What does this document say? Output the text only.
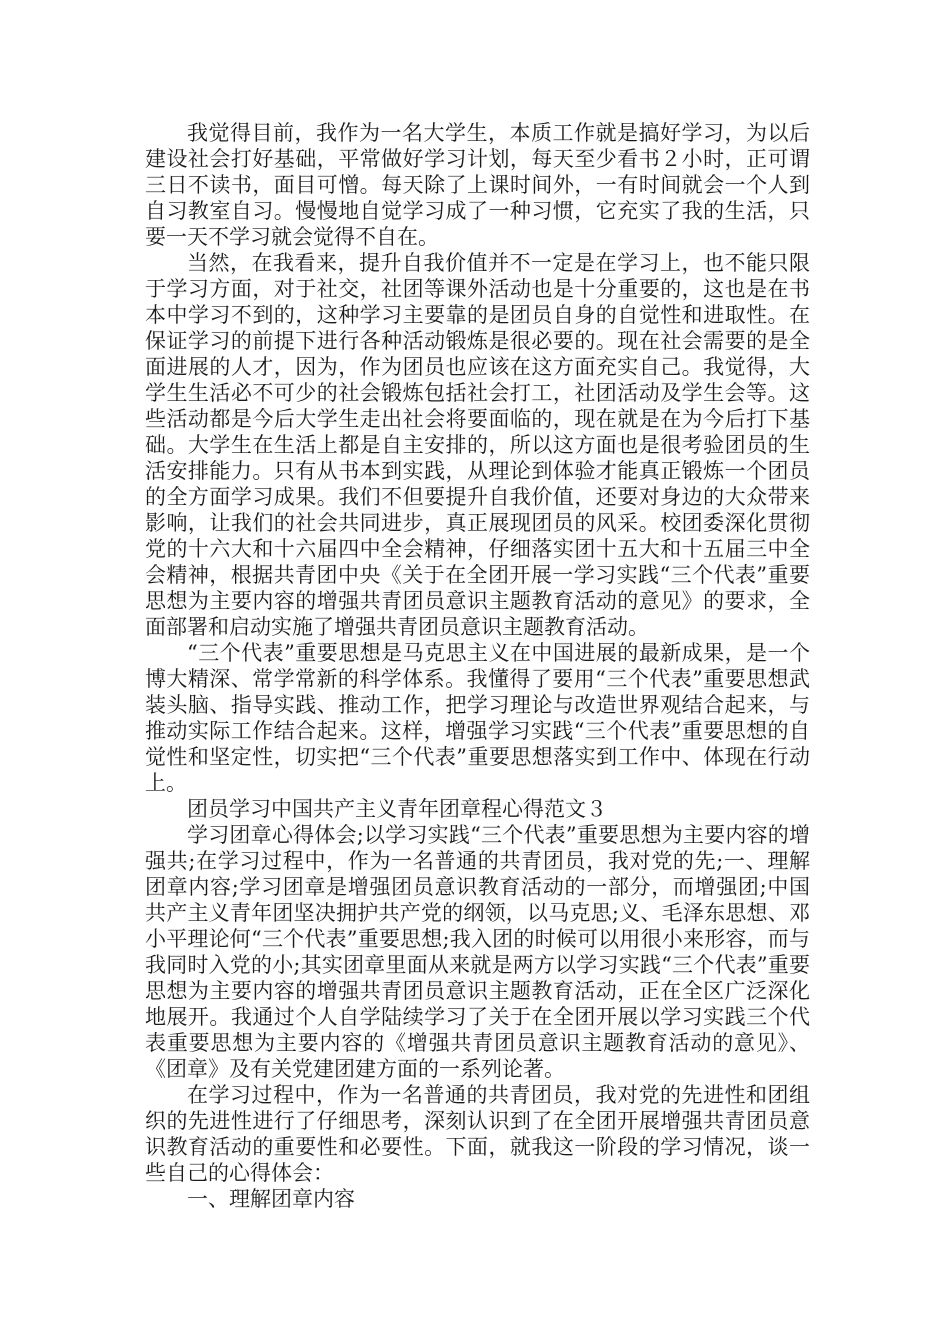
我觉得目前，我作为一名大学生，本质工作就是搞好学习，为以后建设社会打好基础，平常做好学习计划，每天至少看书２小时，正可谓三日不读书，面目可憎。每天除了上课时间外，一有时间就会一个人到自习教室自习。慢慢地自觉学习成了一种习惯，它充实了我的生活，只要一天不学习就会觉得不自在。

当然，在我看来，提升自我价值并不一定是在学习上，也不能只限于学习方面，对于社交，社团等课外活动也是十分重要的，这也是在书本中学习不到的，这种学习主要靠的是团员自身的自觉性和进取性。在保证学习的前提下进行各种活动锻炼是很必要的。现在社会需要的是全面进展的人才，因为，作为团员也应该在这方面充实自己。我觉得，大学生生活必不可少的社会锻炼包括社会打工，社团活动及学生会等。这些活动都是今后大学生走出社会将要面临的，现在就是在为今后打下基础。大学生在生活上都是自主安排的，所以这方面也是很考验团员的生活安排能力。只有从书本到实践，从理论到体验才能真正锻炼一个团员的全方面学习成果。我们不但要提升自我价值，还要对身边的大众带来影响，让我们的社会共同进步，真正展现团员的风采。校团委深化贯彻党的十六大和十六届四中全会精神，仔细落实团十五大和十五届三中全会精神，根据共青团中央《关于在全团开展一学习实践“三个代表”重要思想为主要内容的增强共青团员意识主题教育活动的意见》的要求，全面部署和启动实施了增强共青团员意识主题教育活动。

“三个代表”重要思想是马克思主义在中国进展的最新成果，是一个博大精深、常学常新的科学体系。我懂得了要用“三个代表”重要思想武装头脑、指导实践、推动工作，把学习理论与改造世界观结合起来，与推动实际工作结合起来。这样，增强学习实践“三个代表”重要思想的自觉性和坚定性，切实把“三个代表”重要思想落实到工作中、体现在行动上。

团员学习中国共产主义青年团章程心得范文３

学习团章心得体会;以学习实践“三个代表”重要思想为主要内容的增强共;在学习过程中，作为一名普通的共青团员，我对党的先;一、理解团章内容;学习团章是增强团员意识教育活动的一部分，而增强团;中国共产主义青年团坚决拥护共产党的纲领，以马克思;义、毛泽东思想、邓小平理论何“三个代表”重要思想;我入团的时候可以用很小来形容，而与我同时入党的小;其实团章里面从来就是两方以学习实践“三个代表”重要思想为主要内容的增强共青团员意识主题教育活动，正在全区广泛深化地展开。我通过个人自学陆续学习了关于在全团开展以学习实践三个代表重要思想为主要内容的《增强共青团员意识主题教育活动的意见》、《团章》及有关党建团建方面的一系列论著。

在学习过程中，作为一名普通的共青团员，我对党的先进性和团组织的先进性进行了仔细思考，深刻认识到了在全团开展增强共青团员意识教育活动的重要性和必要性。下面，就我这一阶段的学习情况，谈一些自己的心得体会：

一、理解团章内容
